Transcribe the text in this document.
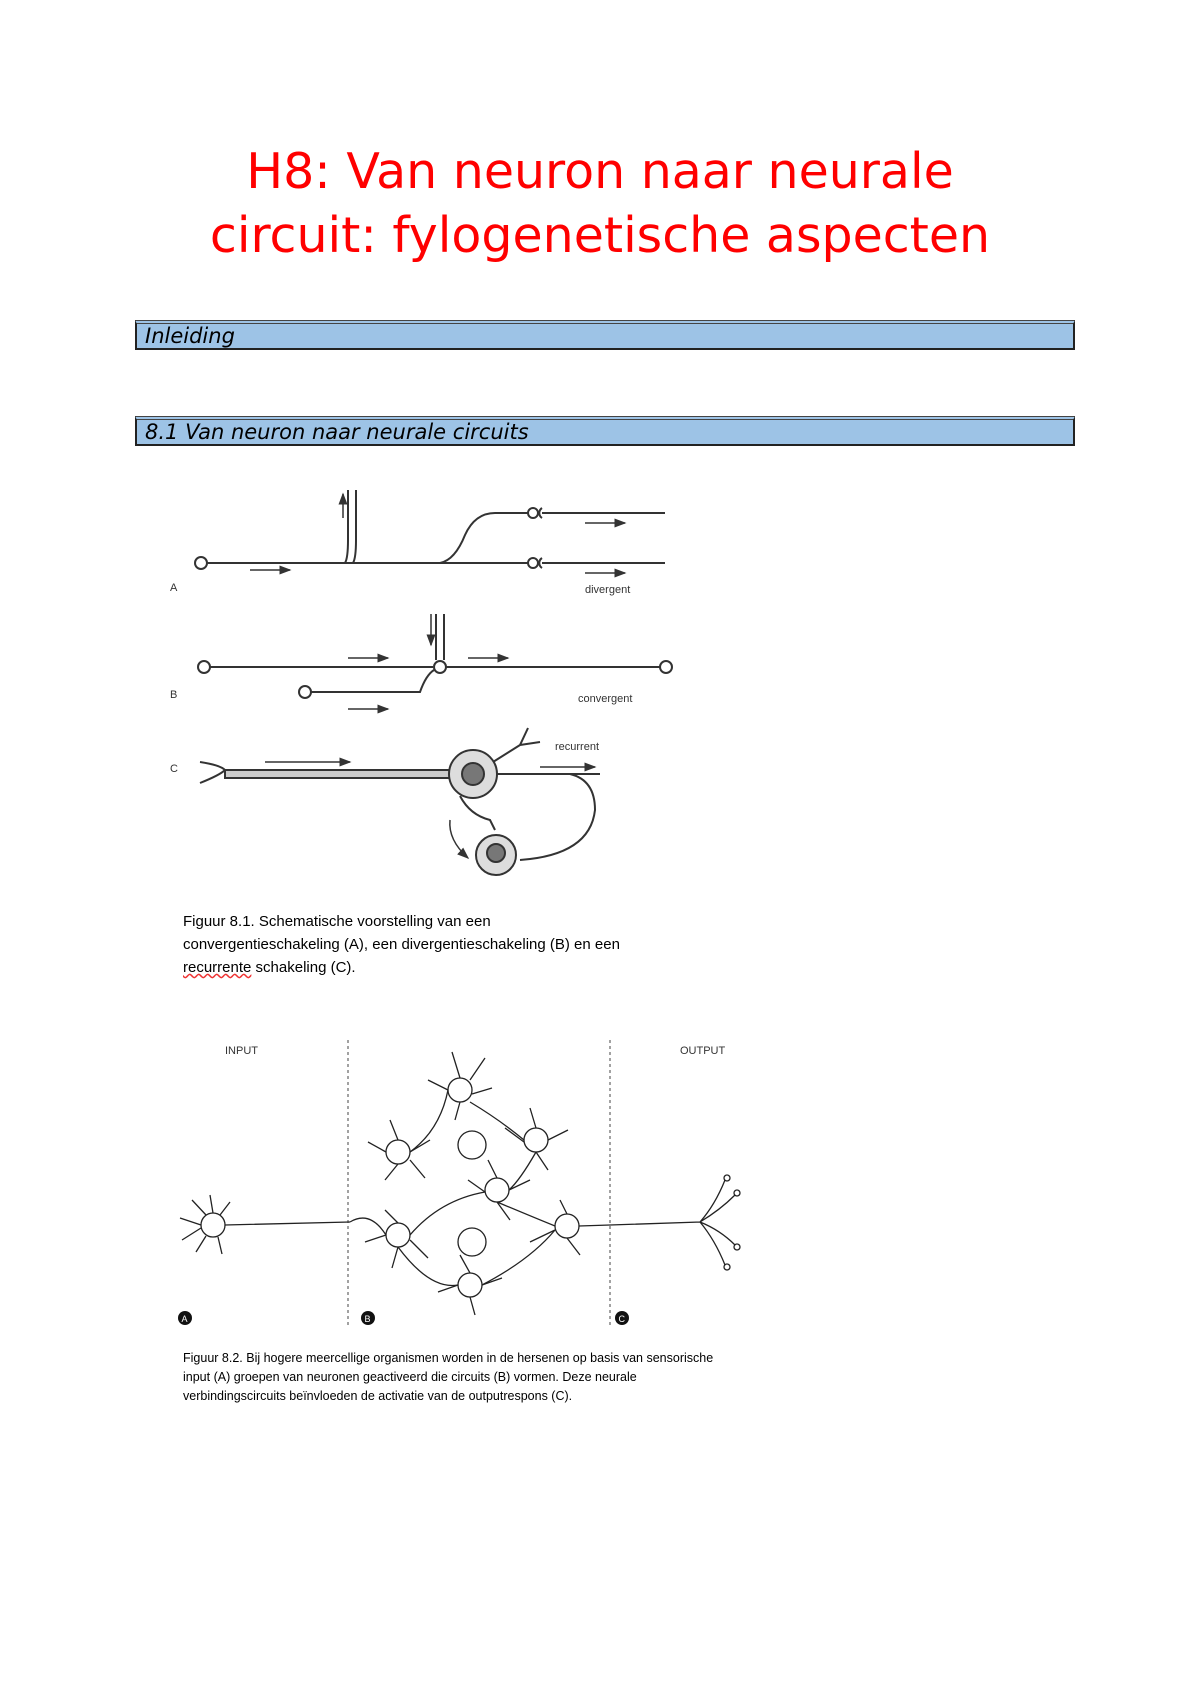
H8: Van neuron naar neurale
circuit: fylogenetische aspecten
Inleiding
8.1 Van neuron naar neurale circuits
A
B
C
divergent
convergent
recurrent
Figuur 8.1. Schematische voorstelling van een
convergentieschakeling (A), een divergentieschakeling (B) en een
recurrente schakeling (C).
INPUT	OUTPUT
A	B	C
Figuur 8.2. Bij hogere meercellige organismen worden in de hersenen op basis van sensorische
input (A) groepen van neuronen geactiveerd die circuits (B) vormen. Deze neurale
verbindingscircuits beïnvloeden de activatie van de outputrespons (C).
